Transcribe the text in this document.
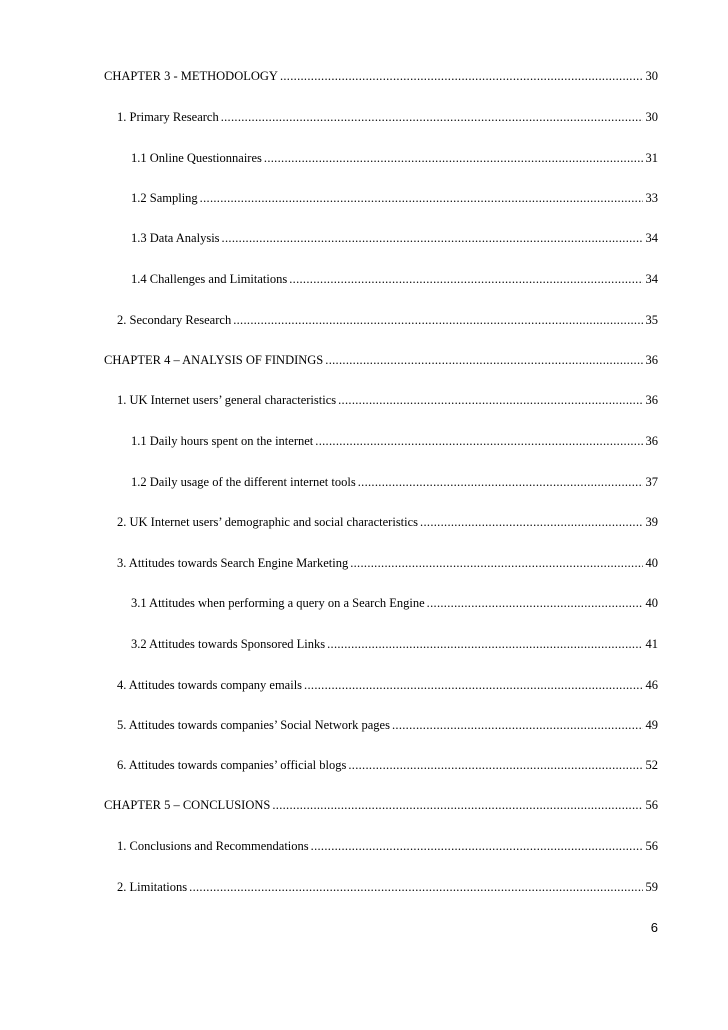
CHAPTER 3 - METHODOLOGY .....	30
1. Primary Research .....	30
1.1 Online Questionnaires .....	31
1.2 Sampling .....	33
1.3 Data Analysis .....	34
1.4 Challenges and Limitations .....	34
2. Secondary Research .....	35
CHAPTER 4 – ANALYSIS OF FINDINGS .....	36
1. UK Internet users’ general characteristics .....	36
1.1 Daily hours spent on the internet .....	36
1.2 Daily usage of the different internet tools .....	37
2. UK Internet users’ demographic and social characteristics .....	39
3. Attitudes towards Search Engine Marketing .....	40
3.1 Attitudes when performing a query on a Search Engine .....	40
3.2 Attitudes towards Sponsored Links .....	41
4. Attitudes towards company emails .....	46
5. Attitudes towards companies’ Social Network pages .....	49
6. Attitudes towards companies’ official blogs .....	52
CHAPTER 5 – CONCLUSIONS .....	56
1. Conclusions and Recommendations .....	56
2. Limitations .....	59
6
